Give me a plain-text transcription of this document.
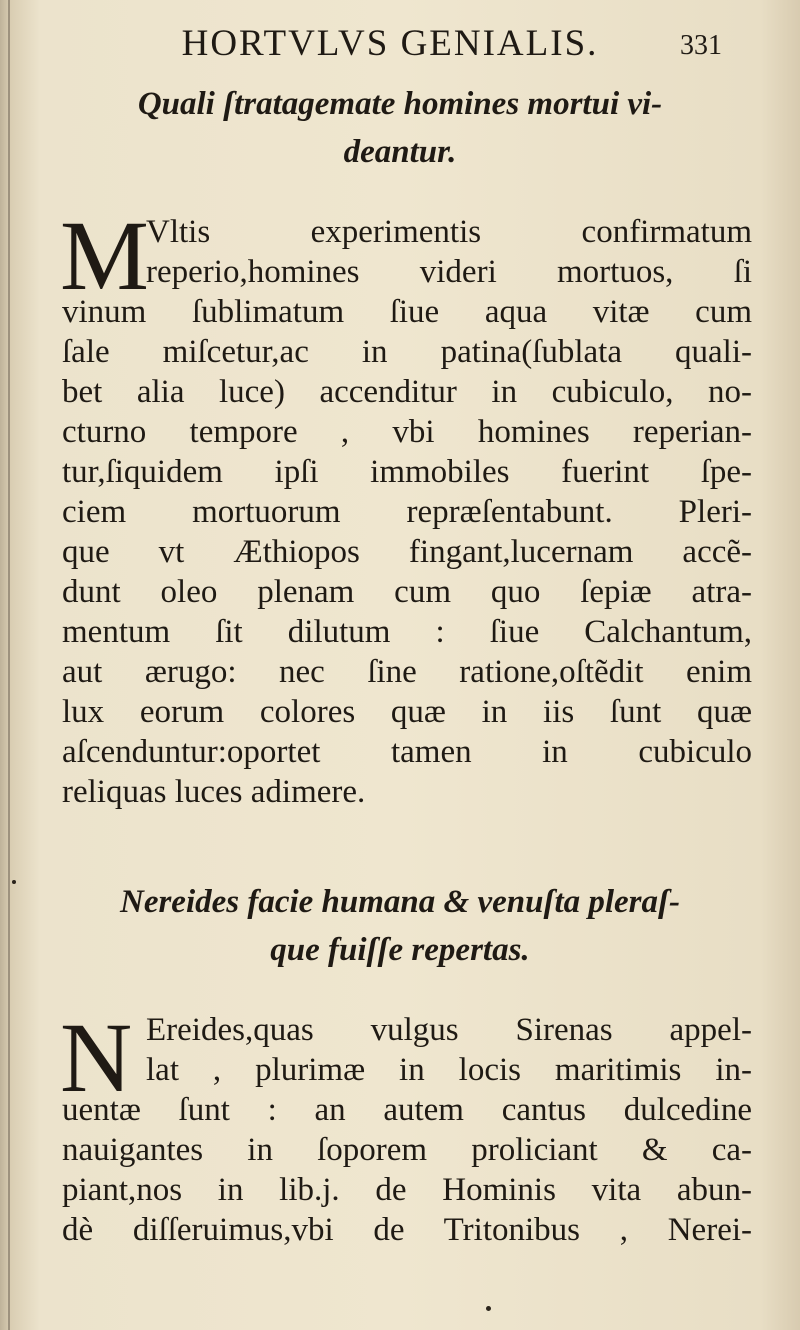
HORTVLVS GENIALIS.	331
Quali ſtratagemate homines mortui vi-
deantur.
M
Vltis experimentis confirmatum
reperio,homines videri mortuos, ſi
vinum ſublimatum ſiue aqua vitæ cum
ſale miſcetur,ac in patina(ſublata quali-
bet alia luce) accenditur in cubiculo, no-
cturno tempore , vbi homines reperian-
tur,ſiquidem ipſi immobiles fuerint ſpe-
ciem mortuorum repræſentabunt. Pleri-
que vt Æthiopos fingant,lucernam accẽ-
dunt oleo plenam cum quo ſepiæ atra-
mentum ſit dilutum : ſiue Calchantum,
aut ærugo: nec ſine ratione,oſtẽdit enim
lux eorum colores quæ in iis ſunt quæ
aſcenduntur:oportet tamen in cubiculo
reliquas luces adimere.
Nereides facie humana & venuſta pleraſ-
que fuiſſe repertas.
N Ereides,quas vulgus Sirenas appel-
lat , plurimæ in locis maritimis in-
uentæ ſunt : an autem cantus dulcedine
nauigantes in ſoporem proliciant & ca-
piant,nos in lib.j. de Hominis vita abun-
dè diſſeruimus,vbi de Tritonibus , Nerei-
